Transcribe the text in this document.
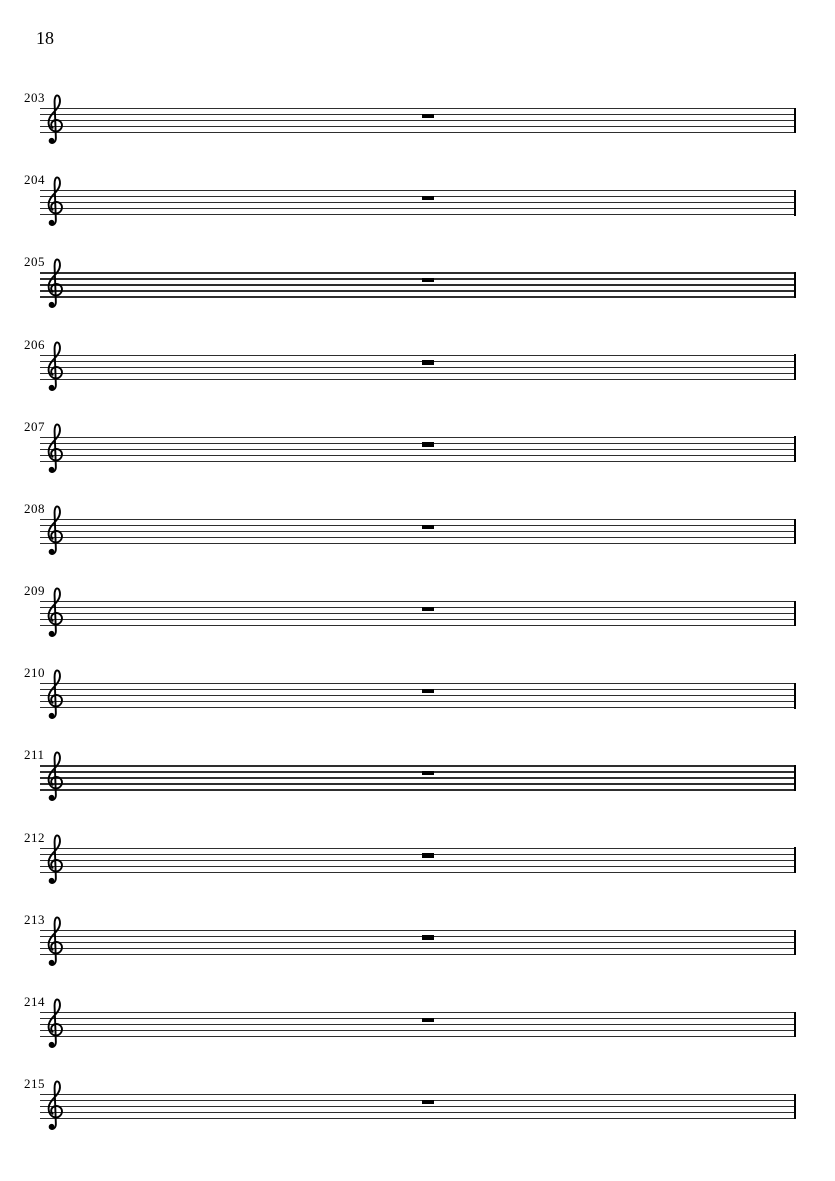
18
203
204
205
206
207
208
209
210
211
212
213
214
215
